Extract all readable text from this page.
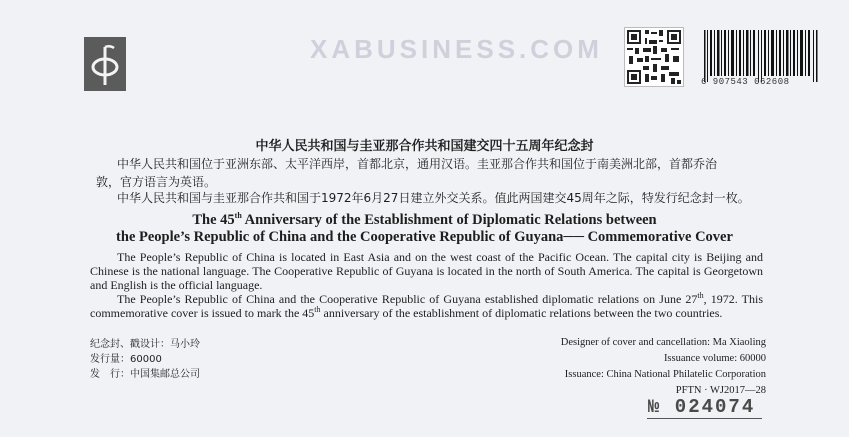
XABUSINESS.COM
6 907543 062608
中华人民共和国与圭亚那合作共和国建交四十五周年纪念封
中华人民共和国位于亚洲东部、太平洋西岸，首都北京，通用汉语。圭亚那合作共和国位于南美洲北部，首都乔治
敦，官方语言为英语。
中华人民共和国与圭亚那合作共和国于1972年6月27日建立外交关系。值此两国建交45周年之际，特发行纪念封一枚。
The 45th Anniversary of the Establishment of Diplomatic Relations between
the People’s Republic of China and the Cooperative Republic of Guyana── Commemorative Cover
The People’s Republic of China is located in East Asia and on the west coast of the Pacific Ocean. The capital city is Beijing and Chinese is the national language. The Cooperative Republic of Guyana is located in the north of South America. The capital is Georgetown and English is the official language.
The People’s Republic of China and the Cooperative Republic of Guyana established diplomatic relations on June 27th, 1972. This commemorative cover is issued to mark the 45th anniversary of the establishment of diplomatic relations between the two countries.
纪念封、戳设计：马小玲
发行量：60000
发　行：中国集邮总公司
Designer of cover and cancellation: Ma Xiaoling
Issuance volume: 60000
Issuance: China National Philatelic Corporation
PFTN · WJ2017—28
№ 024074
